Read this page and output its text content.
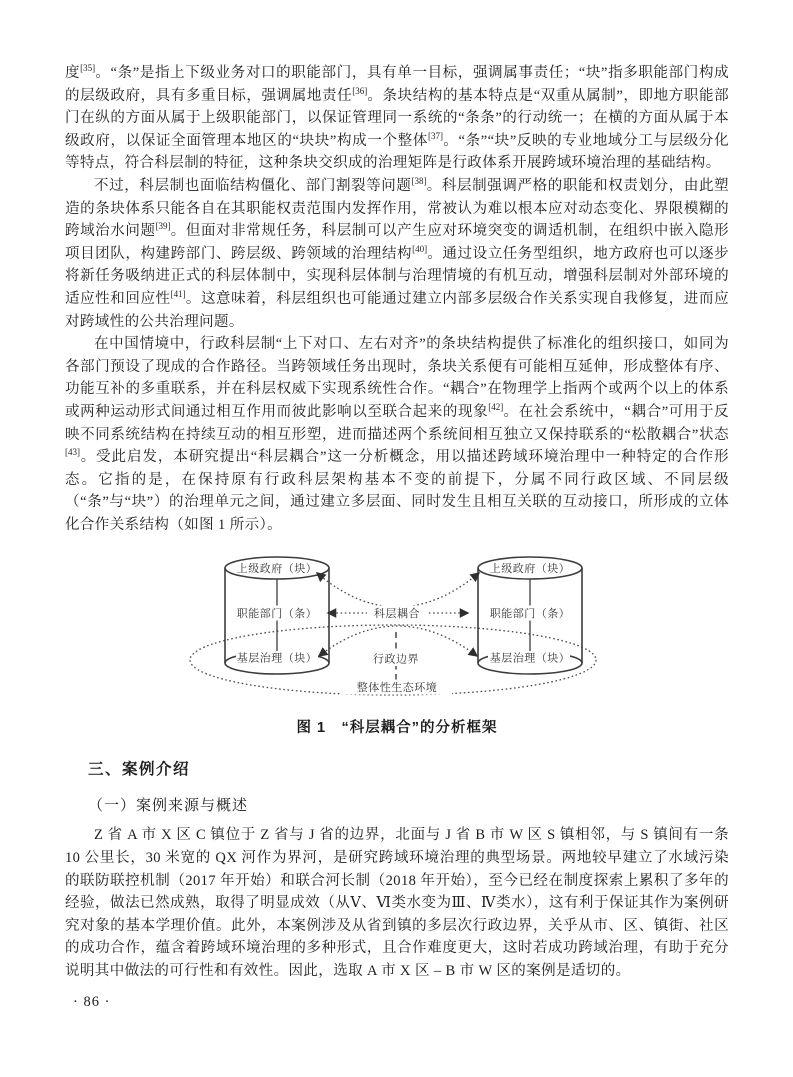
度[35]。“条”是指上下级业务对口的职能部门，具有单一目标，强调属事责任；“块”指多职能部门构成的层级政府，具有多重目标，强调属地责任[36]。条块结构的基本特点是“双重从属制”，即地方职能部门在纵的方面从属于上级职能部门，以保证管理同一系统的“条条”的行动统一；在横的方面从属于本级政府，以保证全面管理本地区的“块块”构成一个整体[37]。“条”“块”反映的专业地域分工与层级分化等特点，符合科层制的特征，这种条块交织成的治理矩阵是行政体系开展跨域环境治理的基础结构。

不过，科层制也面临结构僵化、部门割裂等问题[38]。科层制强调严格的职能和权责划分，由此塑造的条块体系只能各自在其职能权责范围内发挥作用，常被认为难以根本应对动态变化、界限模糊的跨域治水问题[39]。但面对非常规任务，科层制可以产生应对环境突变的调适机制，在组织中嵌入隐形项目团队，构建跨部门、跨层级、跨领域的治理结构[40]。通过设立任务型组织，地方政府也可以逐步将新任务吸纳进正式的科层体制中，实现科层体制与治理情境的有机互动，增强科层制对外部环境的适应性和回应性[41]。这意味着，科层组织也可能通过建立内部多层级合作关系实现自我修复，进而应对跨域性的公共治理问题。

在中国情境中，行政科层制“上下对口、左右对齐”的条块结构提供了标准化的组织接口，如同为各部门预设了现成的合作路径。当跨领域任务出现时，条块关系便有可能相互延伸，形成整体有序、功能互补的多重联系，并在科层权威下实现系统性合作。“耦合”在物理学上指两个或两个以上的体系或两种运动形式间通过相互作用而彼此影响以至联合起来的现象[42]。在社会系统中，“耦合”可用于反映不同系统结构在持续互动的相互形塑，进而描述两个系统间相互独立又保持联系的“松散耦合”状态[43]。受此启发，本研究提出“科层耦合”这一分析概念，用以描述跨域环境治理中一种特定的合作形态。它指的是，在保持原有行政科层架构基本不变的前提下，分属不同行政区域、不同层级（“条”与“块”）的治理单元之间，通过建立多层面、同时发生且相互关联的互动接口，所形成的立体化合作关系结构（如图 1 所示）。

上级政府（块）
职能部门（条）
基层治理（块）
上级政府（块）
职能部门（条）
基层治理（块）
科层耦合
行政边界
整体性生态环境
图 1　“科层耦合”的分析框架
三、案例介绍
（一）案例来源与概述

Z 省 A 市 X 区 C 镇位于 Z 省与 J 省的边界，北面与 J 省 B 市 W 区 S 镇相邻，与 S 镇间有一条 10 公里长，30 米宽的 QX 河作为界河，是研究跨域环境治理的典型场景。两地较早建立了水域污染的联防联控机制（2017 年开始）和联合河长制（2018 年开始），至今已经在制度探索上累积了多年的经验，做法已然成熟，取得了明显成效（从Ⅴ、Ⅵ类水变为Ⅲ、Ⅳ类水），这有利于保证其作为案例研究对象的基本学理价值。此外，本案例涉及从省到镇的多层次行政边界，关乎从市、区、镇街、社区的成功合作，蕴含着跨域环境治理的多种形式，且合作难度更大，这时若成功跨域治理，有助于充分说明其中做法的可行性和有效性。因此，选取 A 市 X 区 – B 市 W 区的案例是适切的。

· 86 ·
